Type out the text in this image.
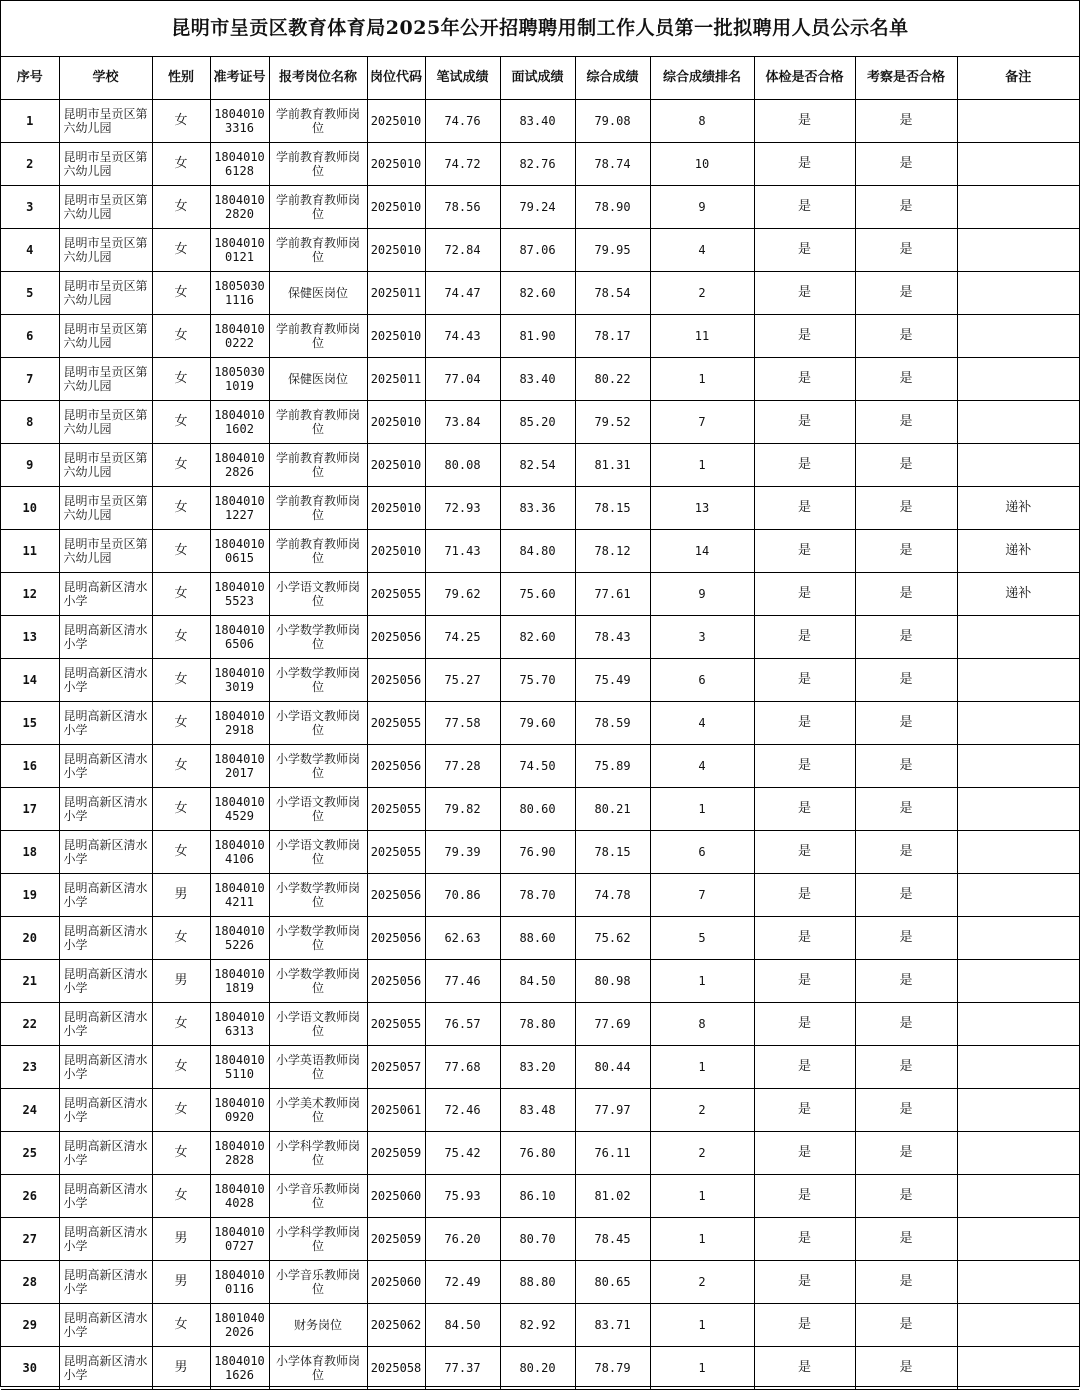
昆明市呈贡区教育体育局2025年公开招聘聘用制工作人员第一批拟聘用人员公示名单
序号	学校	性别	准考证号	报考岗位名称	岗位代码	笔试成绩	面试成绩	综合成绩	综合成绩排名	体检是否合格	考察是否合格	备注
1	昆明市呈贡区第六幼儿园	女	18040103316	学前教育教师岗位	2025010	74.76	83.40	79.08	8	是	是	
2	昆明市呈贡区第六幼儿园	女	18040106128	学前教育教师岗位	2025010	74.72	82.76	78.74	10	是	是	
3	昆明市呈贡区第六幼儿园	女	18040102820	学前教育教师岗位	2025010	78.56	79.24	78.90	9	是	是	
4	昆明市呈贡区第六幼儿园	女	18040100121	学前教育教师岗位	2025010	72.84	87.06	79.95	4	是	是	
5	昆明市呈贡区第六幼儿园	女	18050301116	保健医岗位	2025011	74.47	82.60	78.54	2	是	是	
6	昆明市呈贡区第六幼儿园	女	18040100222	学前教育教师岗位	2025010	74.43	81.90	78.17	11	是	是	
7	昆明市呈贡区第六幼儿园	女	18050301019	保健医岗位	2025011	77.04	83.40	80.22	1	是	是	
8	昆明市呈贡区第六幼儿园	女	18040101602	学前教育教师岗位	2025010	73.84	85.20	79.52	7	是	是	
9	昆明市呈贡区第六幼儿园	女	18040102826	学前教育教师岗位	2025010	80.08	82.54	81.31	1	是	是	
10	昆明市呈贡区第六幼儿园	女	18040101227	学前教育教师岗位	2025010	72.93	83.36	78.15	13	是	是	递补
11	昆明市呈贡区第六幼儿园	女	18040100615	学前教育教师岗位	2025010	71.43	84.80	78.12	14	是	是	递补
12	昆明高新区清水小学	女	18040105523	小学语文教师岗位	2025055	79.62	75.60	77.61	9	是	是	递补
13	昆明高新区清水小学	女	18040106506	小学数学教师岗位	2025056	74.25	82.60	78.43	3	是	是	
14	昆明高新区清水小学	女	18040103019	小学数学教师岗位	2025056	75.27	75.70	75.49	6	是	是	
15	昆明高新区清水小学	女	18040102918	小学语文教师岗位	2025055	77.58	79.60	78.59	4	是	是	
16	昆明高新区清水小学	女	18040102017	小学数学教师岗位	2025056	77.28	74.50	75.89	4	是	是	
17	昆明高新区清水小学	女	18040104529	小学语文教师岗位	2025055	79.82	80.60	80.21	1	是	是	
18	昆明高新区清水小学	女	18040104106	小学语文教师岗位	2025055	79.39	76.90	78.15	6	是	是	
19	昆明高新区清水小学	男	18040104211	小学数学教师岗位	2025056	70.86	78.70	74.78	7	是	是	
20	昆明高新区清水小学	女	18040105226	小学数学教师岗位	2025056	62.63	88.60	75.62	5	是	是	
21	昆明高新区清水小学	男	18040101819	小学数学教师岗位	2025056	77.46	84.50	80.98	1	是	是	
22	昆明高新区清水小学	女	18040106313	小学语文教师岗位	2025055	76.57	78.80	77.69	8	是	是	
23	昆明高新区清水小学	女	18040105110	小学英语教师岗位	2025057	77.68	83.20	80.44	1	是	是	
24	昆明高新区清水小学	女	18040100920	小学美术教师岗位	2025061	72.46	83.48	77.97	2	是	是	
25	昆明高新区清水小学	女	18040102828	小学科学教师岗位	2025059	75.42	76.80	76.11	2	是	是	
26	昆明高新区清水小学	女	18040104028	小学音乐教师岗位	2025060	75.93	86.10	81.02	1	是	是	
27	昆明高新区清水小学	男	18040100727	小学科学教师岗位	2025059	76.20	80.70	78.45	1	是	是	
28	昆明高新区清水小学	男	18040100116	小学音乐教师岗位	2025060	72.49	88.80	80.65	2	是	是	
29	昆明高新区清水小学	女	18010402026	财务岗位	2025062	84.50	82.92	83.71	1	是	是	
30	昆明高新区清水小学	男	18040101626	小学体育教师岗位	2025058	77.37	80.20	78.79	1	是	是	
